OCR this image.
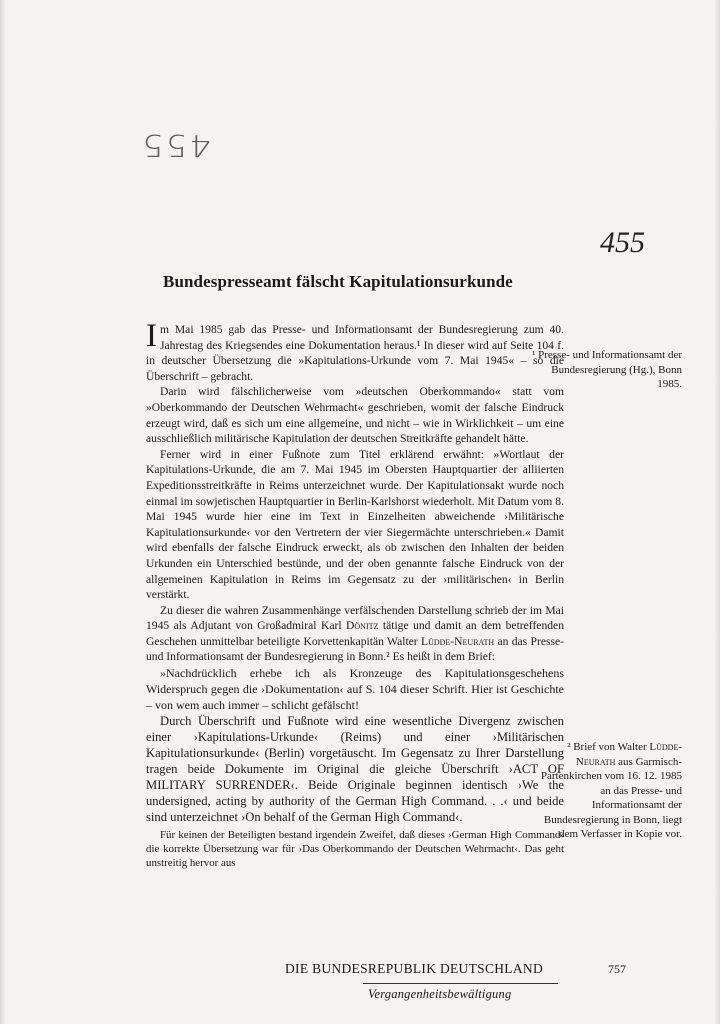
455
455
Bundespresseamt fälscht Kapitulationsurkunde

Im Mai 1985 gab das Presse- und Informationsamt der Bundesregierung zum 40. Jahrestag des Kriegsendes eine Dokumentation heraus.¹ In dieser wird auf Seite 104 f. in deutscher Übersetzung die »Kapitulations-Urkunde vom 7. Mai 1945« – so die Überschrift – gebracht.

Darin wird fälschlicherweise vom »deutschen Oberkommando« statt vom »Oberkommando der Deutschen Wehrmacht« geschrieben, womit der falsche Eindruck erzeugt wird, daß es sich um eine allgemeine, und nicht – wie in Wirklichkeit – um eine ausschließlich militärische Kapitulation der deutschen Streitkräfte gehandelt hätte.

Ferner wird in einer Fußnote zum Titel erklärend erwähnt: »Wortlaut der Kapitulations-Urkunde, die am 7. Mai 1945 im Obersten Hauptquartier der alliierten Expeditionsstreitkräfte in Reims unterzeichnet wurde. Der Kapitulationsakt wurde noch einmal im sowjetischen Hauptquartier in Berlin-Karlshorst wiederholt. Mit Datum vom 8. Mai 1945 wurde hier eine im Text in Einzelheiten abweichende ›Militärische Kapitulationsurkunde‹ vor den Vertretern der vier Siegermächte unterschrieben.« Damit wird ebenfalls der falsche Eindruck erweckt, als ob zwischen den Inhalten der beiden Urkunden ein Unterschied bestünde, und der oben genannte falsche Eindruck von der allgemeinen Kapitulation in Reims im Gegensatz zu der ›militärischen‹ in Berlin verstärkt.

Zu dieser die wahren Zusammenhänge verfälschenden Darstellung schrieb der im Mai 1945 als Adjutant von Großadmiral Karl Dönitz tätige und damit an dem betreffenden Geschehen unmittelbar beteiligte Korvettenkapitän Walter Lüdde-Neurath an das Presse- und Informationsamt der Bundesregierung in Bonn.² Es heißt in dem Brief:

»Nachdrücklich erhebe ich als Kronzeuge des Kapitulationsgeschehens Widerspruch gegen die ›Dokumentation‹ auf S. 104 dieser Schrift. Hier ist Geschichte – von wem auch immer – schlicht gefälscht!

Durch Überschrift und Fußnote wird eine wesentliche Divergenz zwischen einer ›Kapitulations-Urkunde‹ (Reims) und einer ›Militärischen Kapitulationsurkunde‹ (Berlin) vorgetäuscht. Im Gegensatz zu Ihrer Darstellung tragen beide Dokumente im Original die gleiche Überschrift ›ACT OF MILITARY SURRENDER‹. Beide Originale beginnen identisch ›We the undersigned, acting by authority of the German High Command. . .‹ und beide sind unterzeichnet ›On behalf of the German High Command‹.

Für keinen der Beteiligten bestand irgendein Zweifel, daß dieses ›German High Command‹ die korrekte Übersetzung war für ›Das Oberkommando der Deutschen Wehrmacht‹. Das geht unstreitig hervor aus

¹ Presse- und Informationsamt der Bundesregierung (Hg.), Bonn 1985.
² Brief von Walter Lüdde-Neurath aus Garmisch-Partenkirchen vom 16. 12. 1985 an das Presse- und Informationsamt der Bundesregierung in Bonn, liegt dem Verfasser in Kopie vor.
DIE BUNDESREPUBLIK DEUTSCHLAND	757
Vergangenheitsbewältigung
